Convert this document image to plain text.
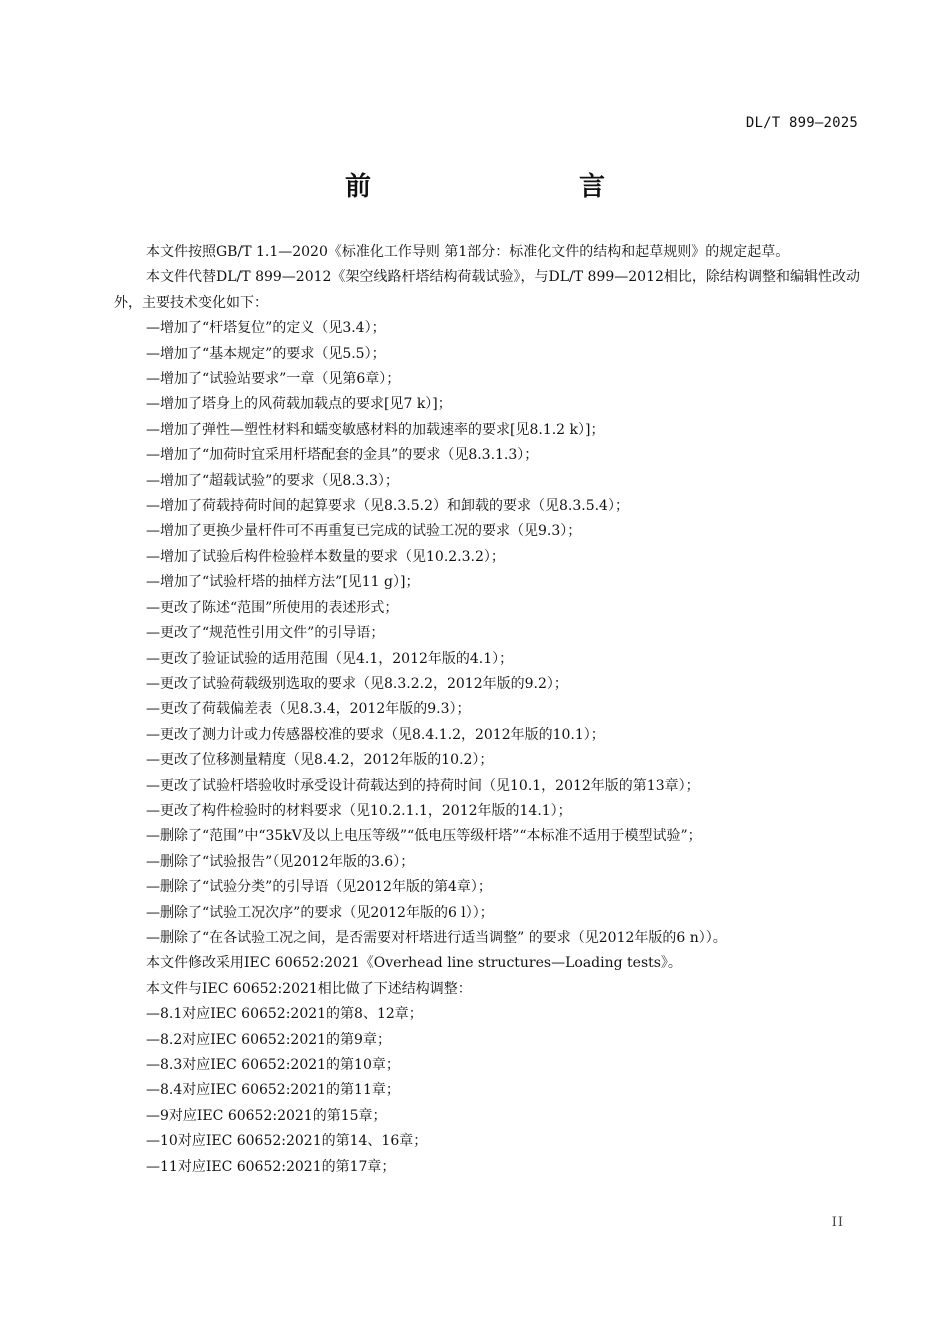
DL/T 899—2025
前　　言

本文件按照GB/T 1.1—2020《标准化工作导则 第1部分：标准化文件的结构和起草规则》的规定起草。

本文件代替DL/T 899—2012《架空线路杆塔结构荷载试验》，与DL/T 899—2012相比，除结构调整和编辑性改动外，主要技术变化如下：

—增加了“杆塔复位”的定义（见3.4）；

—增加了“基本规定”的要求（见5.5）；

—增加了“试验站要求”一章（见第6章）；

—增加了塔身上的风荷载加载点的要求[见7 k）]；

—增加了弹性—塑性材料和蠕变敏感材料的加载速率的要求[见8.1.2 k）]；

—增加了“加荷时宜采用杆塔配套的金具”的要求（见8.3.1.3）；

—增加了“超载试验”的要求（见8.3.3）；

—增加了荷载持荷时间的起算要求（见8.3.5.2）和卸载的要求（见8.3.5.4）；

—增加了更换少量杆件可不再重复已完成的试验工况的要求（见9.3）；

—增加了试验后构件检验样本数量的要求（见10.2.3.2）；

—增加了“试验杆塔的抽样方法”[见11 g）]；

—更改了陈述“范围”所使用的表述形式；

—更改了“规范性引用文件”的引导语；

—更改了验证试验的适用范围（见4.1，2012年版的4.1）；

—更改了试验荷载级别选取的要求（见8.3.2.2，2012年版的9.2）；

—更改了荷载偏差表（见8.3.4，2012年版的9.3）；

—更改了测力计或力传感器校准的要求（见8.4.1.2，2012年版的10.1）；

—更改了位移测量精度（见8.4.2，2012年版的10.2）；

—更改了试验杆塔验收时承受设计荷载达到的持荷时间（见10.1，2012年版的第13章）；

—更改了构件检验时的材料要求（见10.2.1.1，2012年版的14.1）；

—删除了“范围”中“35kV及以上电压等级”“低电压等级杆塔”“本标准不适用于模型试验”；

—删除了“试验报告”（见2012年版的3.6）；

—删除了“试验分类”的引导语（见2012年版的第4章）；

—删除了“试验工况次序”的要求（见2012年版的6 l））；

—删除了“在各试验工况之间，是否需要对杆塔进行适当调整” 的要求（见2012年版的6 n））。

本文件修改采用IEC 60652:2021《Overhead line structures—Loading tests》。

本文件与IEC 60652:2021相比做了下述结构调整：

—8.1对应IEC 60652:2021的第8、12章；

—8.2对应IEC 60652:2021的第9章；

—8.3对应IEC 60652:2021的第10章；

—8.4对应IEC 60652:2021的第11章；

—9对应IEC 60652:2021的第15章；

—10对应IEC 60652:2021的第14、16章；

—11对应IEC 60652:2021的第17章；

II
